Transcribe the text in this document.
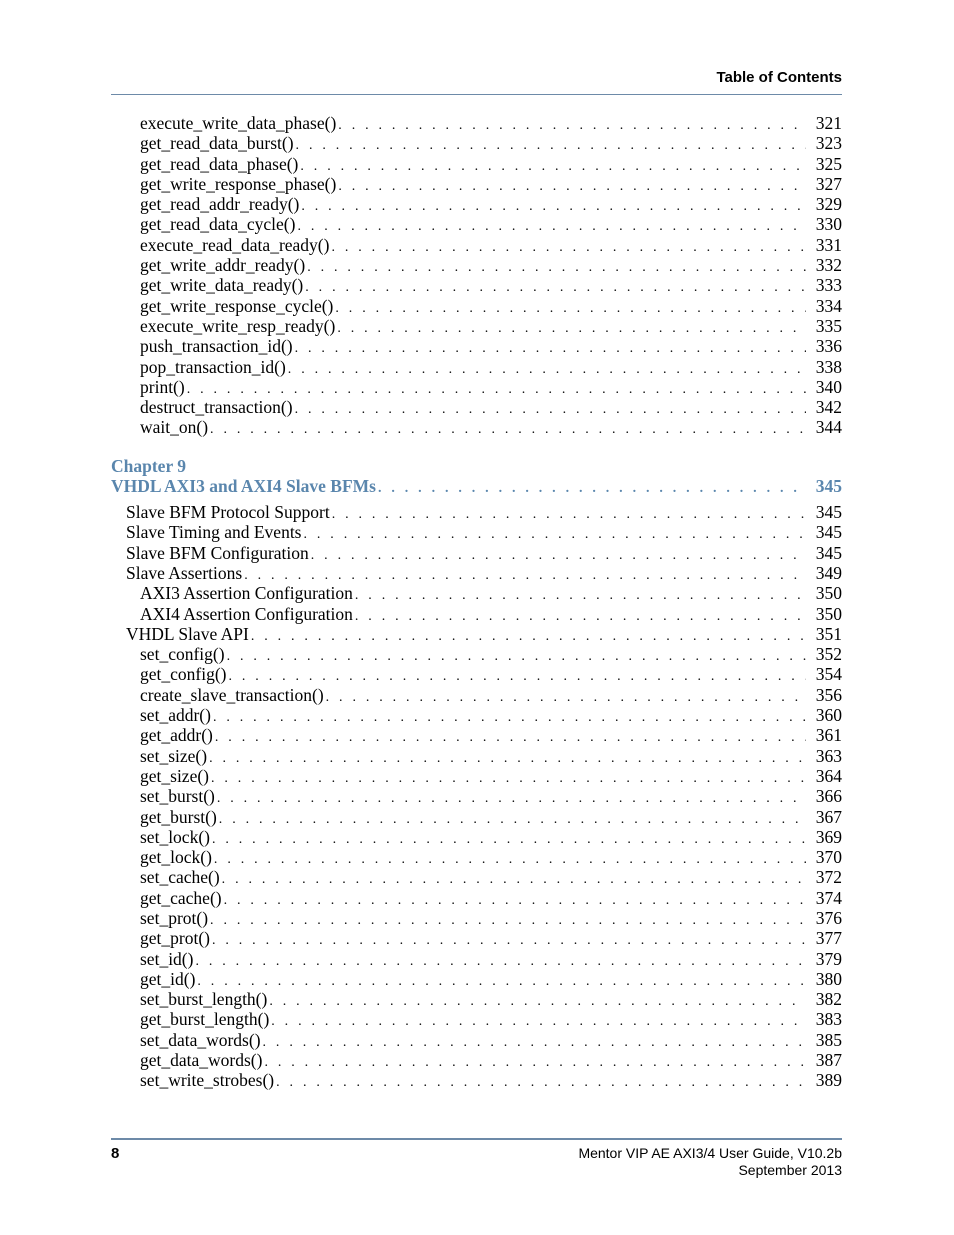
Table of Contents
execute_write_data_phase() . . .	321
get_read_data_burst() . . .	323
get_read_data_phase() . . .	325
get_write_response_phase() . . .	327
get_read_addr_ready() . . .	329
get_read_data_cycle() . . .	330
execute_read_data_ready() . . .	331
get_write_addr_ready() . . .	332
get_write_data_ready() . . .	333
get_write_response_cycle() . . .	334
execute_write_resp_ready() . . .	335
push_transaction_id() . . .	336
pop_transaction_id() . . .	338
print() . . .	340
destruct_transaction() . . .	342
wait_on() . . .	344
Chapter 9
VHDL AXI3 and AXI4 Slave BFMs . . .	345
Slave BFM Protocol Support . . .	345
Slave Timing and Events . . .	345
Slave BFM Configuration . . .	345
Slave Assertions . . .	349
AXI3 Assertion Configuration . . .	350
AXI4 Assertion Configuration . . .	350
VHDL Slave API . . .	351
set_config() . . .	352
get_config() . . .	354
create_slave_transaction() . . .	356
set_addr() . . .	360
get_addr() . . .	361
set_size() . . .	363
get_size() . . .	364
set_burst() . . .	366
get_burst() . . .	367
set_lock() . . .	369
get_lock() . . .	370
set_cache() . . .	372
get_cache() . . .	374
set_prot() . . .	376
get_prot() . . .	377
set_id() . . .	379
get_id() . . .	380
set_burst_length() . . .	382
get_burst_length() . . .	383
set_data_words() . . .	385
get_data_words() . . .	387
set_write_strobes() . . .	389
8	Mentor VIP AE AXI3/4 User Guide, V10.2b
September 2013
